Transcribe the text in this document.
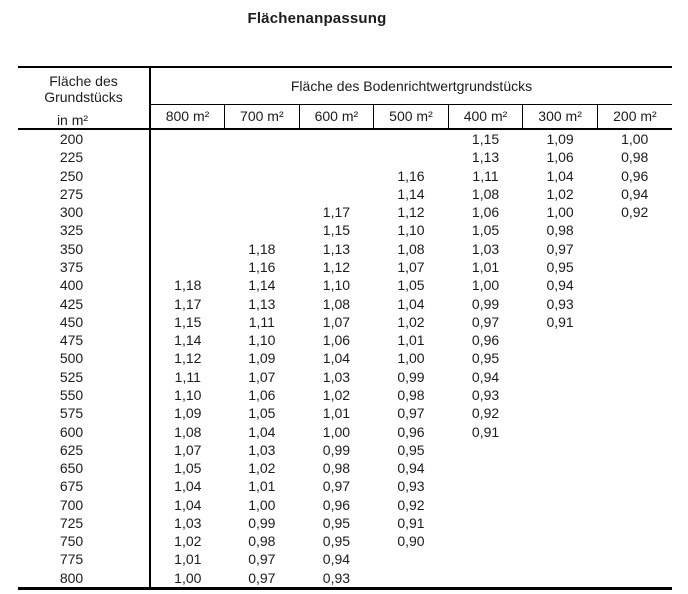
Flächenanpassung
Fläche des Grundstücks
in m²	Fläche des Bodenrichtwertgrundstücks						
	800 m²	700 m²	600 m²	500 m²	400 m²	300 m²	200 m²
200					1,15	1,09	1,00
225					1,13	1,06	0,98
250				1,16	1,11	1,04	0,96
275				1,14	1,08	1,02	0,94
300			1,17	1,12	1,06	1,00	0,92
325			1,15	1,10	1,05	0,98	
350		1,18	1,13	1,08	1,03	0,97	
375		1,16	1,12	1,07	1,01	0,95	
400	1,18	1,14	1,10	1,05	1,00	0,94	
425	1,17	1,13	1,08	1,04	0,99	0,93	
450	1,15	1,11	1,07	1,02	0,97	0,91	
475	1,14	1,10	1,06	1,01	0,96		
500	1,12	1,09	1,04	1,00	0,95		
525	1,11	1,07	1,03	0,99	0,94		
550	1,10	1,06	1,02	0,98	0,93		
575	1,09	1,05	1,01	0,97	0,92		
600	1,08	1,04	1,00	0,96	0,91		
625	1,07	1,03	0,99	0,95			
650	1,05	1,02	0,98	0,94			
675	1,04	1,01	0,97	0,93			
700	1,04	1,00	0,96	0,92			
725	1,03	0,99	0,95	0,91			
750	1,02	0,98	0,95	0,90			
775	1,01	0,97	0,94				
800	1,00	0,97	0,93				
